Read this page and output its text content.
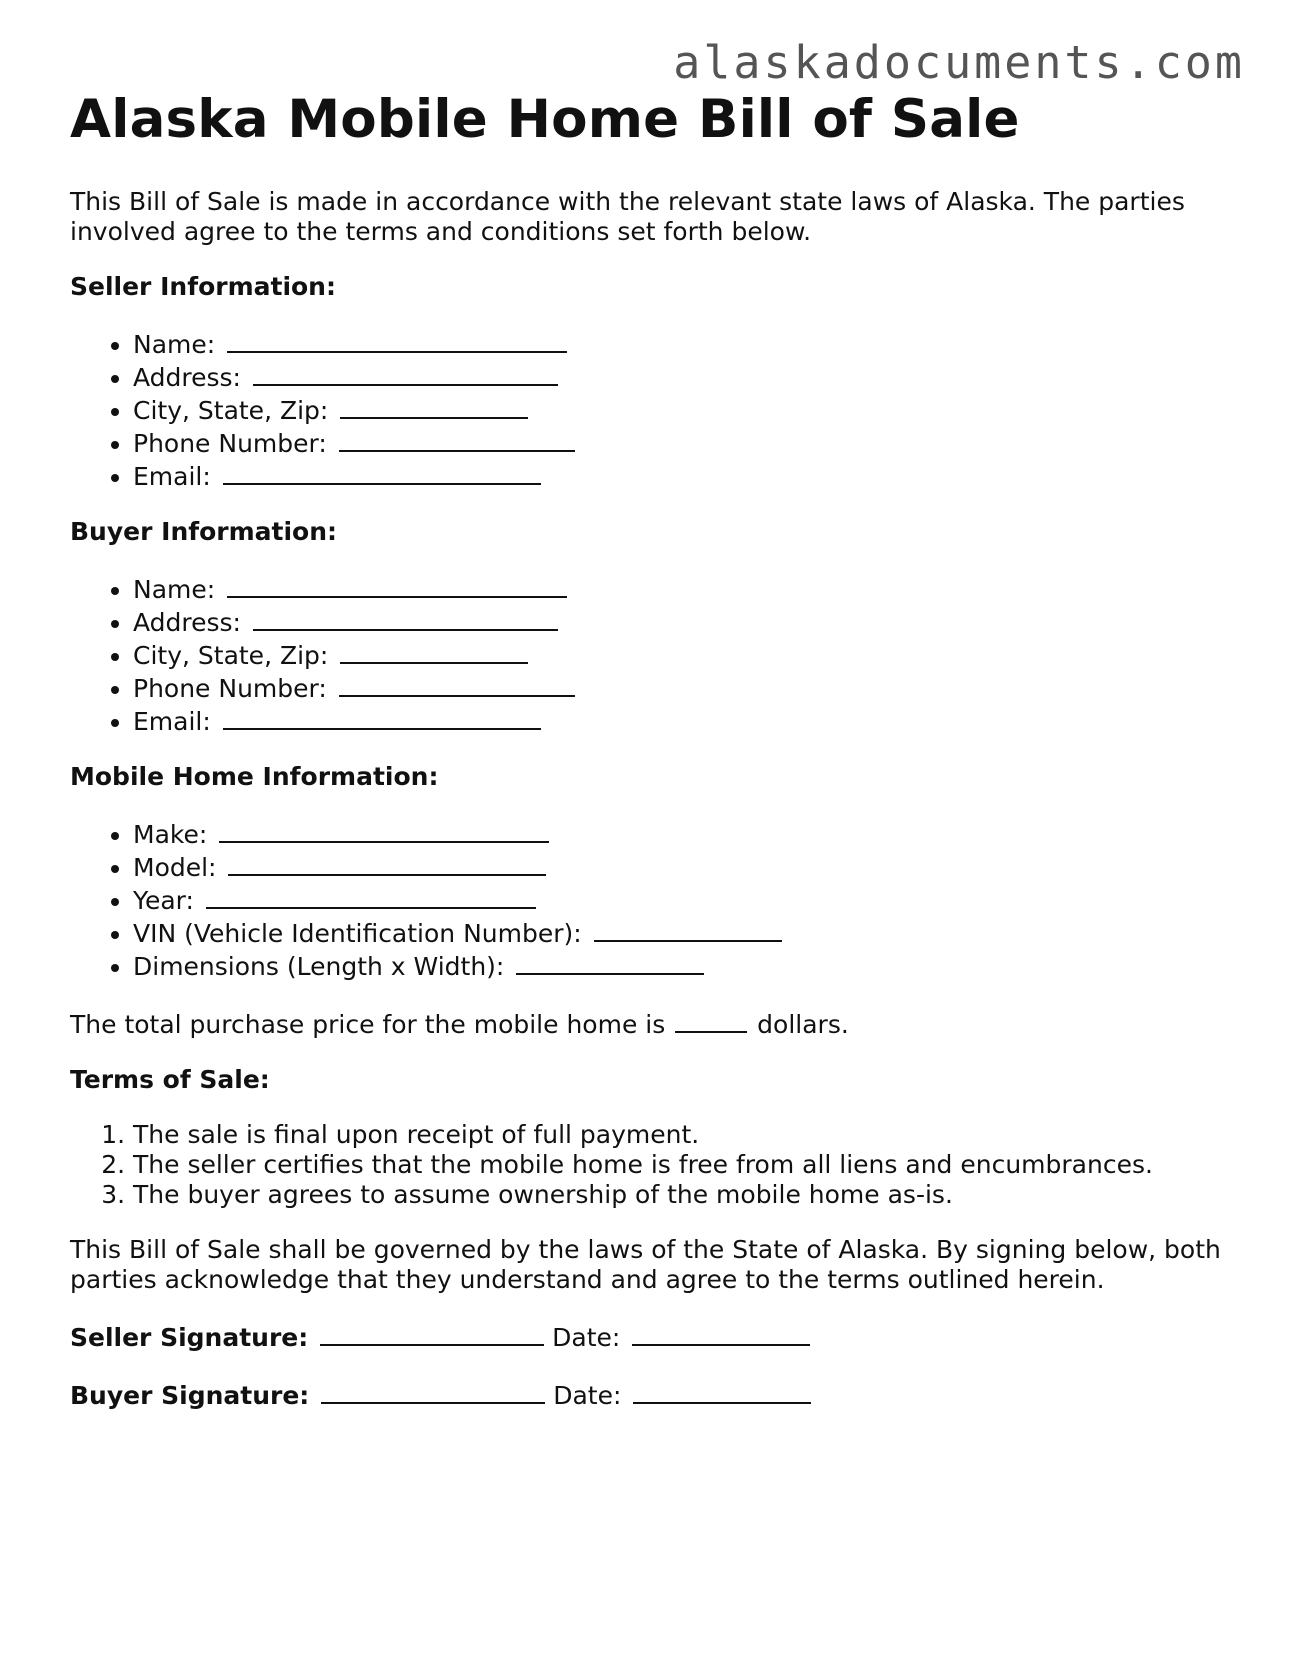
alaskadocuments.com
Alaska Mobile Home Bill of Sale

This Bill of Sale is made in accordance with the relevant state laws of Alaska. The parties involved agree to the terms and conditions set forth below.

Seller Information:
• Name:
• Address:
• City, State, Zip:
• Phone Number:
• Email:
Buyer Information:
• Name:
• Address:
• City, State, Zip:
• Phone Number:
• Email:
Mobile Home Information:
• Make:
• Model:
• Year:
• VIN (Vehicle Identification Number):
• Dimensions (Length x Width):

The total purchase price for the mobile home is	dollars.

Terms of Sale:
1. The sale is final upon receipt of full payment.
2. The seller certifies that the mobile home is free from all liens and encumbrances.
3. The buyer agrees to assume ownership of the mobile home as-is.

This Bill of Sale shall be governed by the laws of the State of Alaska. By signing below, both parties acknowledge that they understand and agree to the terms outlined herein.

Seller Signature:	Date:
Buyer Signature:	Date:
